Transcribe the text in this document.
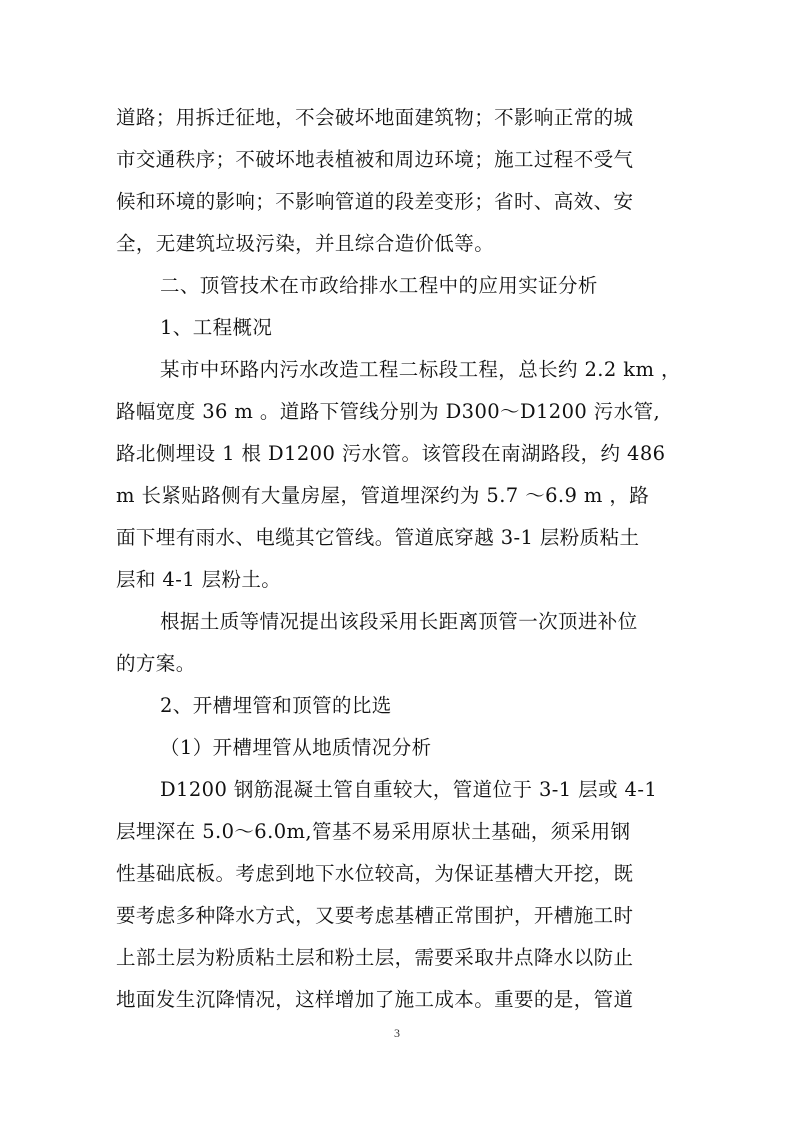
道路；用拆迁征地，不会破坏地面建筑物；不影响正常的城
市交通秩序；不破坏地表植被和周边环境；施工过程不受气
候和环境的影响；不影响管道的段差变形；省时、高效、安
全，无建筑垃圾污染，并且综合造价低等。
二、顶管技术在市政给排水工程中的应用实证分析
1、工程概况
某市中环路内污水改造工程二标段工程，总长约 2.2 km ，
路幅宽度 36 m 。道路下管线分别为 D300～D1200 污水管,
路北侧埋设 1 根 D1200 污水管。该管段在南湖路段，约 486
m 长紧贴路侧有大量房屋，管道埋深约为 5.7 ～6.9 m ，路
面下埋有雨水、电缆其它管线。管道底穿越 3-1 层粉质粘土
层和 4-1 层粉土。
根据土质等情况提出该段采用长距离顶管一次顶进补位
的方案。
2、开槽埋管和顶管的比选
（1）开槽埋管从地质情况分析
D1200 钢筋混凝土管自重较大，管道位于 3-1 层或 4-1
层埋深在 5.0～6.0m,管基不易采用原状土基础，须采用钢
性基础底板。考虑到地下水位较高，为保证基槽大开挖，既
要考虑多种降水方式，又要考虑基槽正常围护，开槽施工时
上部土层为粉质粘土层和粉土层，需要采取井点降水以防止
地面发生沉降情况，这样增加了施工成本。重要的是，管道
3
